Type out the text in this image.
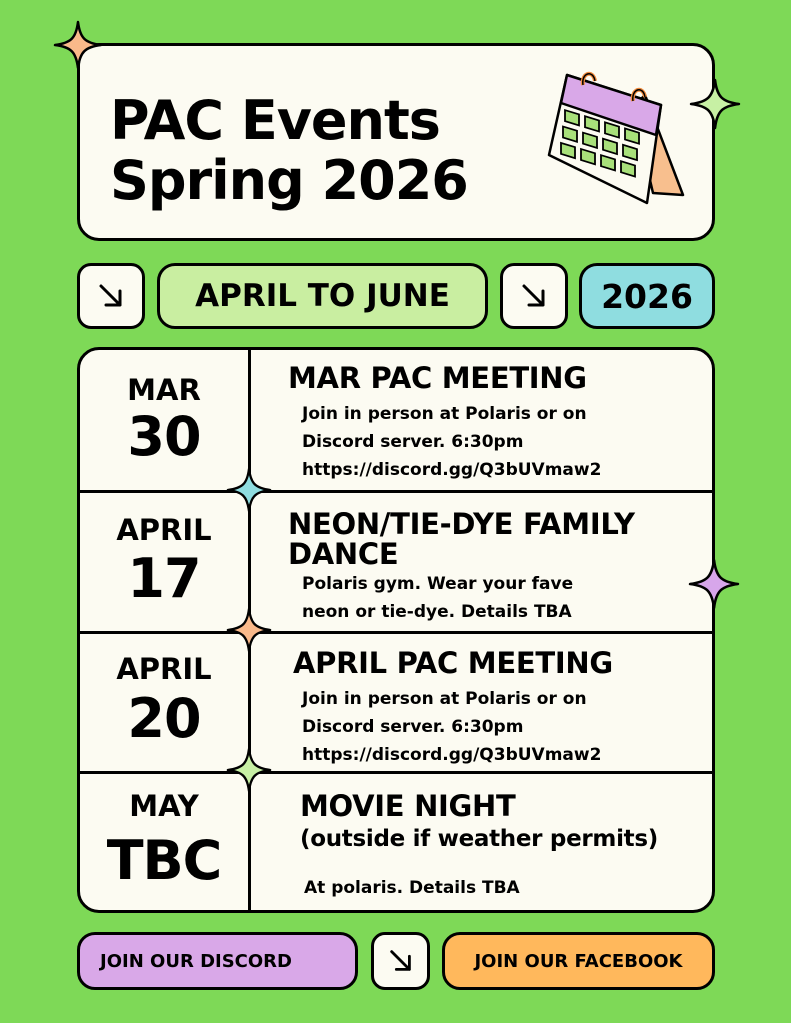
PAC Events
Spring 2026
APRIL TO JUNE	2026
MAR
30
MAR PAC MEETING
Join in person at Polaris or on
Discord server. 6:30pm
https://discord.gg/Q3bUVmaw2
APRIL
17
NEON/TIE-DYE FAMILY
DANCE
Polaris gym. Wear your fave
neon or tie-dye. Details TBA
APRIL
20
APRIL PAC MEETING
Join in person at Polaris or on
Discord server. 6:30pm
https://discord.gg/Q3bUVmaw2
MAY
TBC
MOVIE NIGHT
(outside if weather permits)
At polaris. Details TBA
JOIN OUR DISCORD	JOIN OUR FACEBOOK
